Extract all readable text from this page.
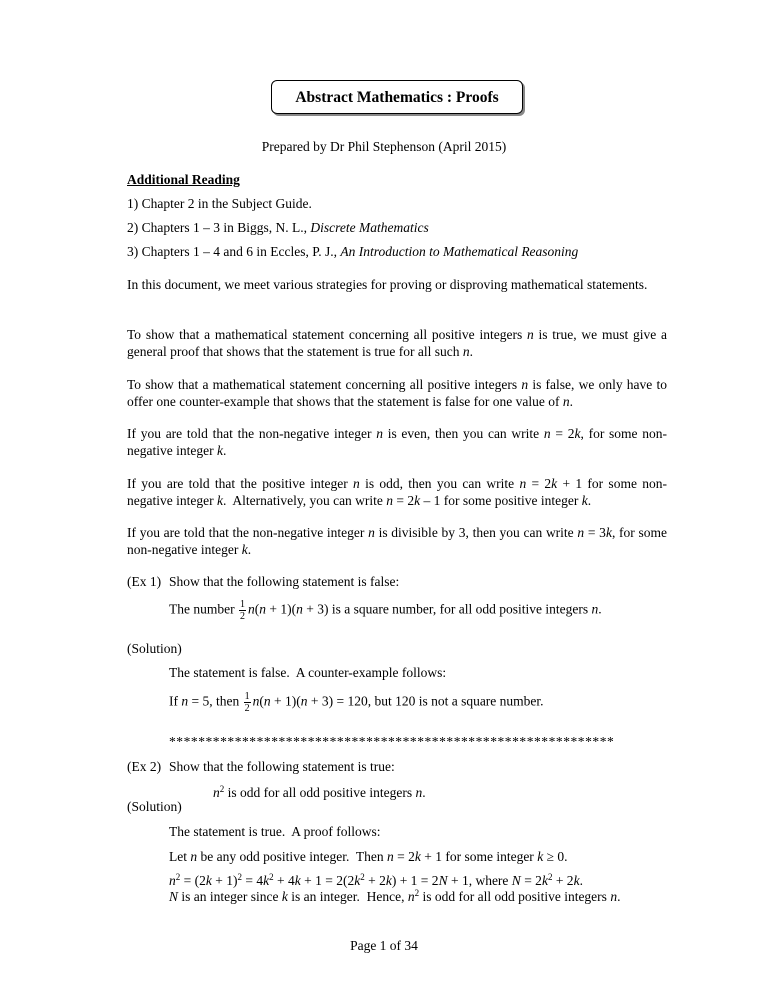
Abstract Mathematics : Proofs
Prepared by Dr Phil Stephenson (April 2015)
Additional Reading
1) Chapter 2 in the Subject Guide.
2) Chapters 1 – 3 in Biggs, N. L., Discrete Mathematics
3) Chapters 1 – 4 and 6 in Eccles, P. J., An Introduction to Mathematical Reasoning
In this document, we meet various strategies for proving or disproving mathematical statements.
To show that a mathematical statement concerning all positive integers n is true, we must give a general proof that shows that the statement is true for all such n.
To show that a mathematical statement concerning all positive integers n is false, we only have to offer one counter-example that shows that the statement is false for one value of n.
If you are told that the non-negative integer n is even, then you can write n = 2k, for some non-negative integer k.
If you are told that the positive integer n is odd, then you can write n = 2k + 1 for some non-negative integer k.  Alternatively, you can write n = 2k – 1 for some positive integer k.
If you are told that the non-negative integer n is divisible by 3, then you can write n = 3k, for some non-negative integer k.
(Ex 1) Show that the following statement is false:
The number $\frac{1}{2} n(n + 1)(n + 3)$ is a square number, for all odd positive integers n.
(Solution)
The statement is false.  A counter-example follows:
If n = 5, then $\frac{1}{2} n(n + 1)(n + 3) = 120$, but 120 is not a square number.
*************************************************************
(Ex 2) Show that the following statement is true:
$n^2$ is odd for all odd positive integers n.
(Solution)
The statement is true.  A proof follows:
Let n be any odd positive integer.  Then n = 2k + 1 for some integer k ≥ 0.
$n^2 = (2k + 1)^2 = 4k^2 + 4k + 1 = 2(2k^2 + 2k) + 1 = 2N + 1$, where $N = 2k^2 + 2k$.
N is an integer since k is an integer.  Hence, $n^2$ is odd for all odd positive integers n.
Page 1 of 34
